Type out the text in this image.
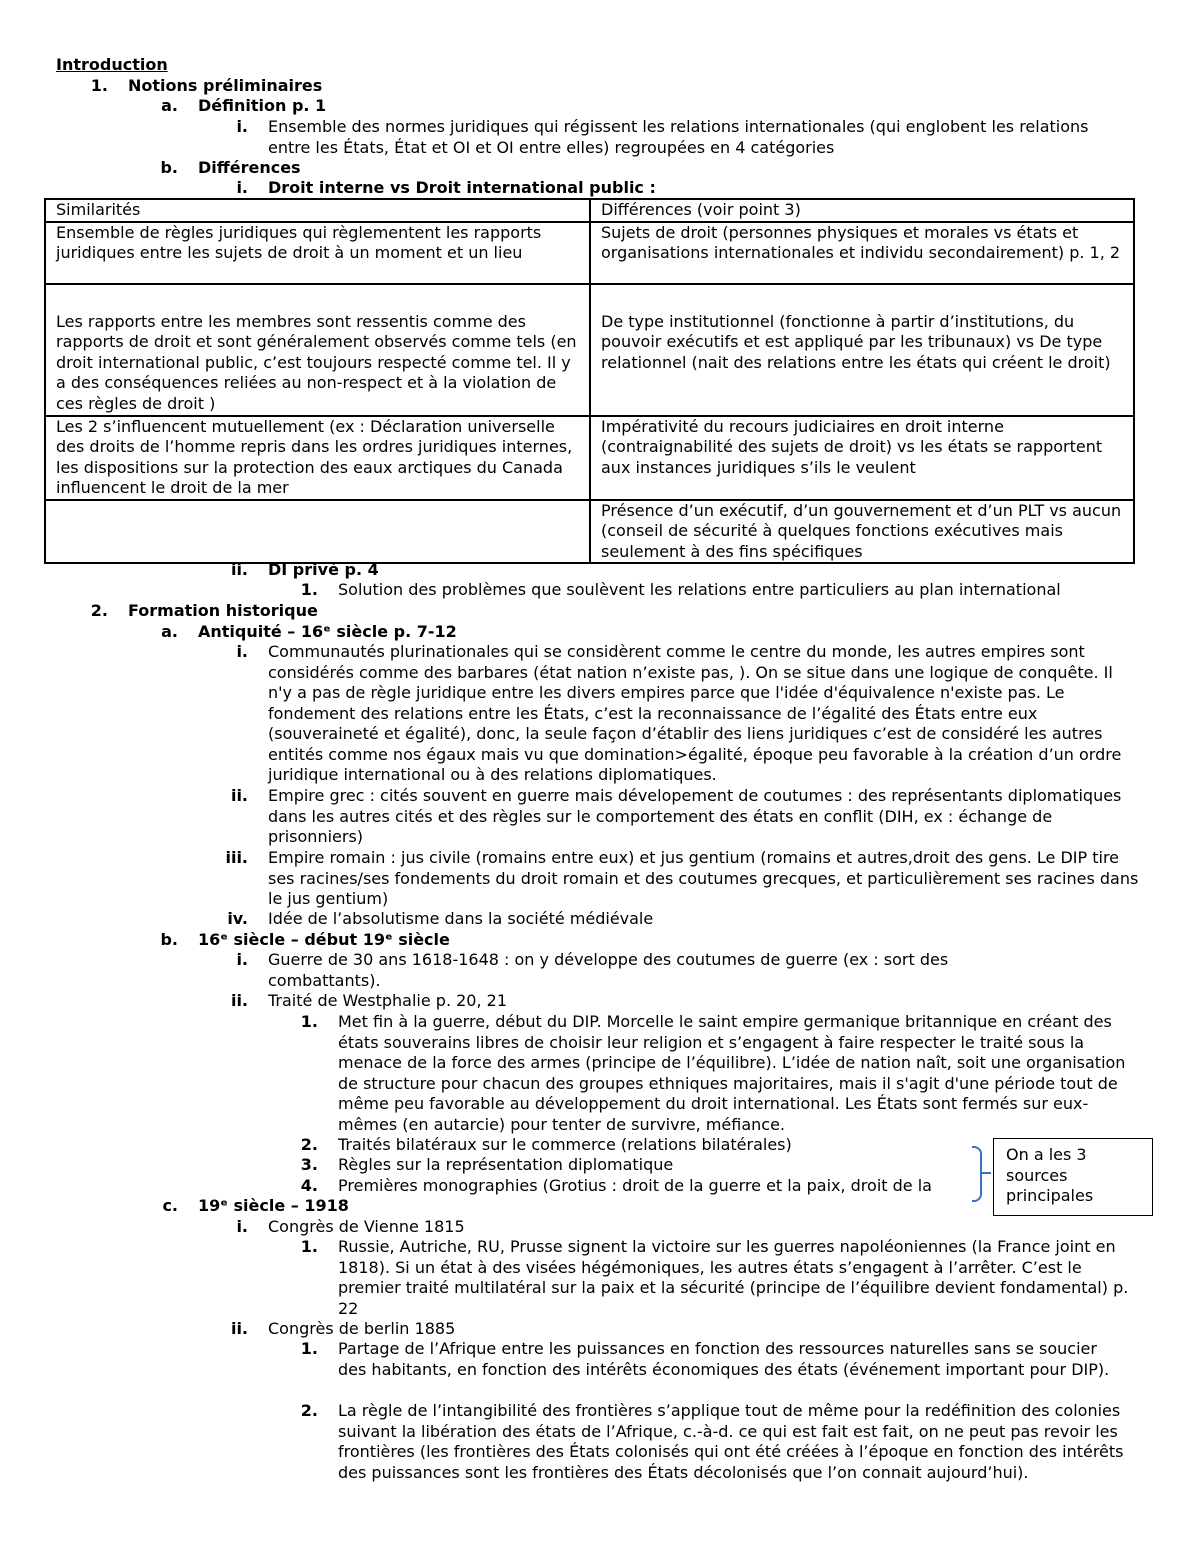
Introduction
1. Notions préliminaires
a. Définition p. 1
i. Ensemble des normes juridiques qui régissent les relations internationales (qui englobent les relations entre les États, État et OI et OI entre elles) regroupées en 4 catégories
b. Différences
i. Droit interne vs Droit international public :
Similarités	Différences (voir point 3)
Ensemble de règles juridiques qui règlementent les rapports juridiques entre les sujets de droit à un moment et un lieu	Sujets de droit (personnes physiques et morales vs états et organisations internationales et individu secondairement) p. 1, 2
Les rapports entre les membres sont ressentis comme des rapports de droit et sont généralement observés comme tels (en droit international public, c’est toujours respecté comme tel. Il y a des conséquences reliées au non-respect et à la violation de ces règles de droit )	De type institutionnel (fonctionne à partir d’institutions, du pouvoir exécutifs et est appliqué par les tribunaux) vs De type relationnel (nait des relations entre les états qui créent le droit)
Les 2 s’influencent mutuellement (ex : Déclaration universelle des droits de l’homme repris dans les ordres juridiques internes, les dispositions sur la protection des eaux arctiques du Canada influencent le droit de la mer	Impérativité du recours judiciaires en droit interne (contraignabilité des sujets de droit) vs les états se rapportent aux instances juridiques s’ils le veulent
	Présence d’un exécutif, d’un gouvernement et d’un PLT vs aucun (conseil de sécurité à quelques fonctions exécutives mais seulement à des fins spécifiques
ii. DI privé p. 4
1. Solution des problèmes que soulèvent les relations entre particuliers au plan international
2. Formation historique
a. Antiquité – 16ᵉ siècle p. 7-12
i. Communautés plurinationales qui se considèrent comme le centre du monde, les autres empires sont considérés comme des barbares (état nation n’existe pas, ). On se situe dans une logique de conquête. Il n'y a pas de règle juridique entre les divers empires parce que l'idée d'équivalence n'existe pas. Le fondement des relations entre les États, c’est la reconnaissance de l’égalité des États entre eux (souveraineté et égalité), donc, la seule façon d’établir des liens juridiques c’est de considéré les autres entités comme nos égaux mais vu que domination>égalité, époque peu favorable à la création d’un ordre juridique international ou à des relations diplomatiques.
ii. Empire grec : cités souvent en guerre mais dévelopement de coutumes : des représentants diplomatiques dans les autres cités et des règles sur le comportement des états en conflit (DIH, ex : échange de prisonniers)
iii. Empire romain : jus civile (romains entre eux) et jus gentium (romains et autres,droit des gens. Le DIP tire ses racines/ses fondements du droit romain et des coutumes grecques, et particulièrement ses racines dans le jus gentium)
iv. Idée de l’absolutisme dans la société médiévale
b. 16ᵉ siècle – début 19ᵉ siècle
i. Guerre de 30 ans 1618-1648 : on y développe des coutumes de guerre (ex : sort des combattants).
ii. Traité de Westphalie p. 20, 21
1. Met fin à la guerre, début du DIP. Morcelle le saint empire germanique britannique en créant des états souverains libres de choisir leur religion et s’engagent à faire respecter le traité sous la menace de la force des armes (principe de l’équilibre). L’idée de nation naît, soit une organisation de structure pour chacun des groupes ethniques majoritaires, mais il s'agit d'une période tout de même peu favorable au développement du droit international. Les États sont fermés sur eux-mêmes (en autarcie) pour tenter de survivre, méfiance.
2. Traités bilatéraux sur le commerce (relations bilatérales)
3. Règles sur la représentation diplomatique
4. Premières monographies (Grotius : droit de la guerre et la paix, droit de la
c. 19ᵉ siècle – 1918
i. Congrès de Vienne 1815
1. Russie, Autriche, RU, Prusse signent la victoire sur les guerres napoléoniennes (la France joint en 1818). Si un état à des visées hégémoniques, les autres états s’engagent à l’arrêter. C’est le premier traité multilatéral sur la paix et la sécurité (principe de l’équilibre devient fondamental) p. 22
ii. Congrès de berlin 1885
1. Partage de l’Afrique entre les puissances en fonction des ressources naturelles sans se soucier des habitants, en fonction des intérêts économiques des états (événement important pour DIP).
2. La règle de l’intangibilité des frontières s’applique tout de même pour la redéfinition des colonies suivant la libération des états de l’Afrique, c.-à-d. ce qui est fait est fait, on ne peut pas revoir les frontières (les frontières des États colonisés qui ont été créées à l’époque en fonction des intérêts des puissances sont les frontières des États décolonisés que l’on connait aujourd’hui).
On a les 3 sources principales
